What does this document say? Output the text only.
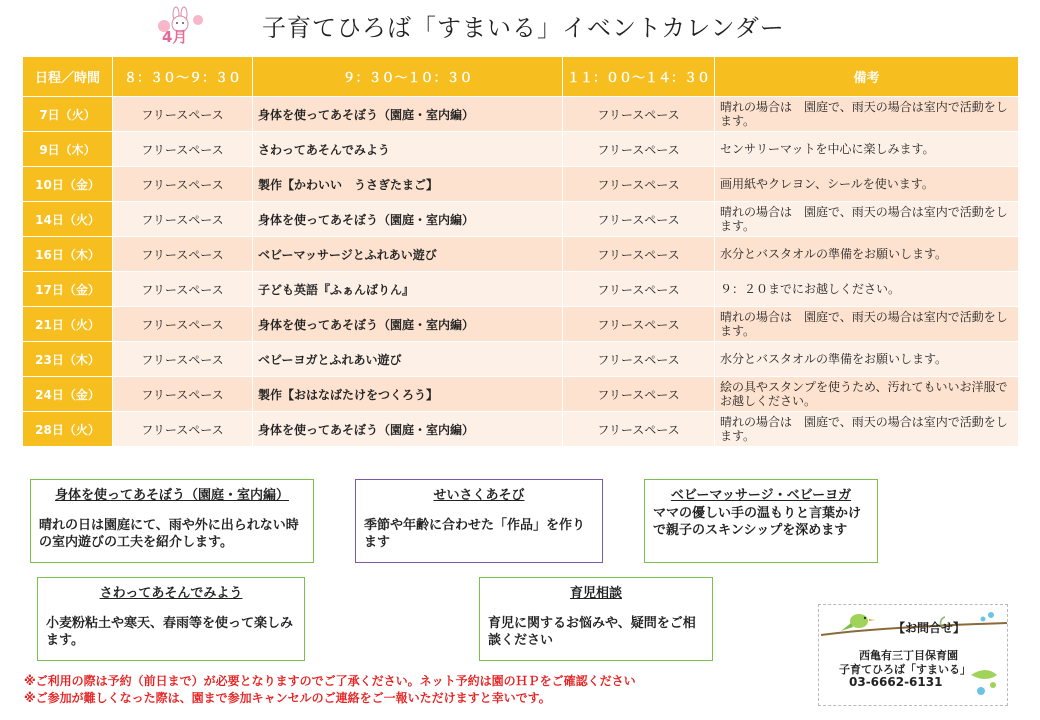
4月	子育てひろば「すまいる」イベントカレンダー
日程／時間	８：３０～９：３０	９：３０～１０：３０	１１：００～１４：３０	備考
7日（火）	フリースペース	身体を使ってあそぼう（園庭・室内編）	フリースペース	晴れの場合は　園庭で、雨天の場合は室内で活動をします。
9日（木）	フリースペース	さわってあそんでみよう	フリースペース	センサリーマットを中心に楽しみます。
10日（金）	フリースペース	製作【かわいい　うさぎたまご】	フリースペース	画用紙やクレヨン、シールを使います。
14日（火）	フリースペース	身体を使ってあそぼう（園庭・室内編）	フリースペース	晴れの場合は　園庭で、雨天の場合は室内で活動をします。
16日（木）	フリースペース	ベビーマッサージとふれあい遊び	フリースペース	水分とバスタオルの準備をお願いします。
17日（金）	フリースペース	子ども英語『ふぁんばりん』	フリースペース	９：２０までにお越しください。
21日（火）	フリースペース	身体を使ってあそぼう（園庭・室内編）	フリースペース	晴れの場合は　園庭で、雨天の場合は室内で活動をします。
23日（木）	フリースペース	ベビーヨガとふれあい遊び	フリースペース	水分とバスタオルの準備をお願いします。
24日（金）	フリースペース	製作【おはなばたけをつくろう】	フリースペース	絵の具やスタンプを使うため、汚れてもいいお洋服でお越しください。
28日（火）	フリースペース	身体を使ってあそぼう（園庭・室内編）	フリースペース	晴れの場合は　園庭で、雨天の場合は室内で活動をします。
身体を使ってあそぼう（園庭・室内編）
晴れの日は園庭にて、雨や外に出られない時の室内遊びの工夫を紹介します。
せいさくあそび
季節や年齢に合わせた「作品」を作ります
ベビーマッサージ・ベビーヨガ
ママの優しい手の温もりと言葉かけで親子のスキンシップを深めます
さわってあそんでみよう
小麦粉粘土や寒天、春雨等を使って楽しみます。
育児相談
育児に関するお悩みや、疑問をご相談ください
【お問合せ】
西亀有三丁目保育園
子育てひろば「すまいる」
03-6662-6131
※ご利用の際は予約（前日まで）が必要となりますのでご了承ください。ネット予約は園のＨＰをご確認ください
※ご参加が難しくなった際は、園まで参加キャンセルのご連絡をご一報いただけますと幸いです。
